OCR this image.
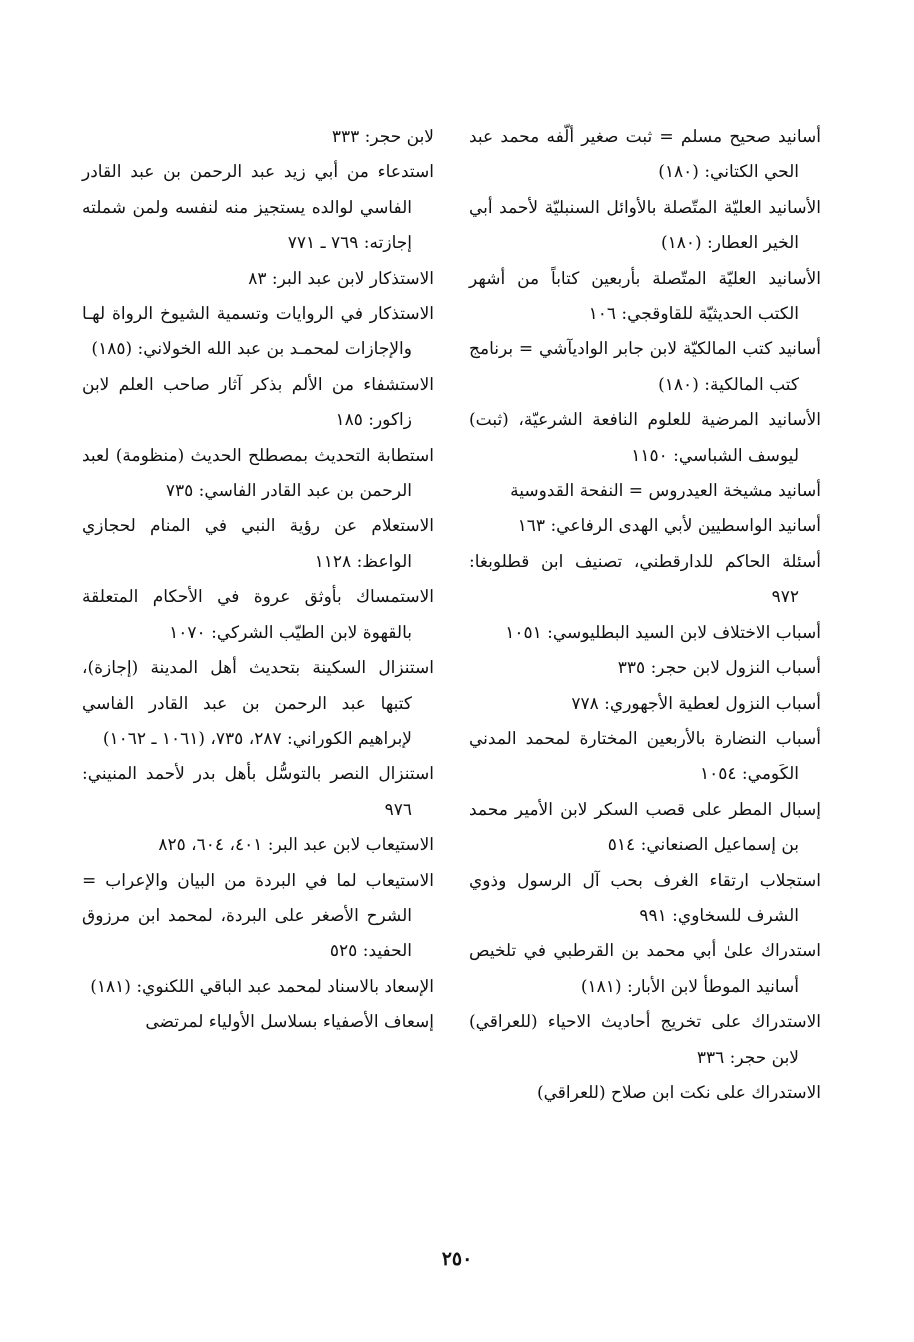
أسانيد صحيح مسلم = ثبت صغير ألّفه محمد عبد الحي الكتاني: (١٨٠)

الأسانيد العليّة المتّصلة بالأوائل السنبليّة لأحمد أبي الخير العطار: (١٨٠)

الأسانيد العليّة المتّصلة بأربعين كتاباً من أشهر الكتب الحديثيّة للقاوقجي: ١٠٦

أسانيد كتب المالكيّة لابن جابر الواديآشي = برنامج كتب المالكية: (١٨٠)

الأسانيد المرضية للعلوم النافعة الشرعيّة، (ثبت) ليوسف الشباسي: ١١٥٠

أسانيد مشيخة العيدروس = النفحة القدوسية

أسانيد الواسطيين لأبي الهدى الرفاعي: ١٦٣

أسئلة الحاكم للدارقطني، تصنيف ابن قطلوبغا: ٩٧٢

أسباب الاختلاف لابن السيد البطليوسي: ١٠٥١

أسباب النزول لابن حجر: ٣٣٥

أسباب النزول لعطية الأجهوري: ٧٧٨

أسباب النضارة بالأربعين المختارة لمحمد المدني الكَومي: ١٠٥٤

إسبال المطر على قصب السكر لابن الأمير محمد بن إسماعيل الصنعاني: ٥١٤

استجلاب ارتقاء الغرف بحب آل الرسول وذوي الشرف للسخاوي: ٩٩١

استدراك علىٰ أبي محمد بن القرطبي في تلخيص أسانيد الموطأ لابن الأبار: (١٨١)

الاستدراك على تخريج أحاديث الاحياء (للعراقي) لابن حجر: ٣٣٦

الاستدراك على نكت ابن صلاح (للعراقي)

لابن حجر: ٣٣٣

استدعاء من أبي زيد عبد الرحمن بن عبد القادر الفاسي لوالده يستجيز منه لنفسه ولمن شملته إجازته: ٧٦٩ ـ ٧٧١

الاستذكار لابن عبد البر: ٨٣

الاستذكار في الروايات وتسمية الشيوخ الرواة لهـا والإجازات لمحمـد بن عبد الله الخولاني: (١٨٥)

الاستشفاء من الألم بذكر آثار صاحب العلم لابن زاكور: ١٨٥

استطابة التحديث بمصطلح الحديث (منظومة) لعبد الرحمن بن عبد القادر الفاسي: ٧٣٥

الاستعلام عن رؤية النبي في المنام لحجازي الواعظ: ١١٢٨

الاستمساك بأوثق عروة في الأحكام المتعلقة بالقهوة لابن الطيّب الشركي: ١٠٧٠

استنزال السكينة بتحديث أهل المدينة (إجازة)، كتبها عبد الرحمن بن عبد القادر الفاسي لإبراهيم الكوراني: ٢٨٧، ٧٣٥، (١٠٦١ ـ ١٠٦٢)

استنزال النصر بالتوسُّل بأهل بدر لأحمد المنيني: ٩٧٦

الاستيعاب لابن عبد البر: ٤٠١، ٦٠٤، ٨٢٥

الاستيعاب لما في البردة من البيان والإعراب = الشرح الأصغر على البردة، لمحمد ابن مرزوق الحفيد: ٥٢٥

الإسعاد بالاسناد لمحمد عبد الباقي اللكنوي: (١٨١)

إسعاف الأصفياء بسلاسل الأولياء لمرتضى

٢٥٠
